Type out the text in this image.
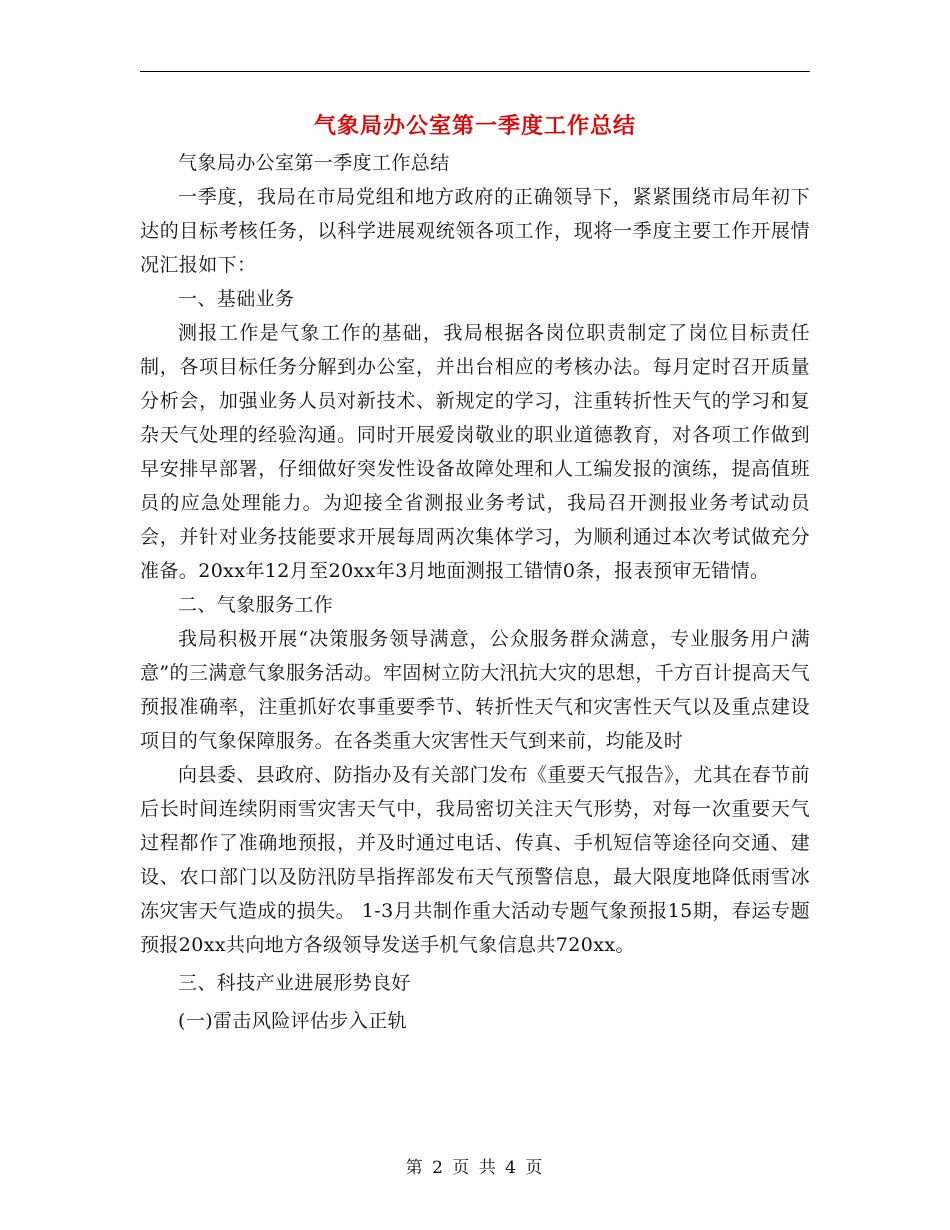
气象局办公室第一季度工作总结

气象局办公室第一季度工作总结

一季度，我局在市局党组和地方政府的正确领导下，紧紧围绕市局年初下达的目标考核任务，以科学进展观统领各项工作，现将一季度主要工作开展情况汇报如下：

一、基础业务

测报工作是气象工作的基础，我局根据各岗位职责制定了岗位目标责任制，各项目标任务分解到办公室，并出台相应的考核办法。每月定时召开质量分析会，加强业务人员对新技术、新规定的学习，注重转折性天气的学习和复杂天气处理的经验沟通。同时开展爱岗敬业的职业道德教育，对各项工作做到早安排早部署，仔细做好突发性设备故障处理和人工编发报的演练，提高值班员的应急处理能力。为迎接全省测报业务考试，我局召开测报业务考试动员会，并针对业务技能要求开展每周两次集体学习，为顺利通过本次考试做充分准备。20xx年12月至20xx年3月地面测报工错情0条，报表预审无错情。

二、气象服务工作

我局积极开展“决策服务领导满意，公众服务群众满意，专业服务用户满意”的三满意气象服务活动。牢固树立防大汛抗大灾的思想，千方百计提高天气预报准确率，注重抓好农事重要季节、转折性天气和灾害性天气以及重点建设项目的气象保障服务。在各类重大灾害性天气到来前，均能及时

向县委、县政府、防指办及有关部门发布《重要天气报告》，尤其在春节前后长时间连续阴雨雪灾害天气中，我局密切关注天气形势，对每一次重要天气过程都作了准确地预报，并及时通过电话、传真、手机短信等途径向交通、建设、农口部门以及防汛防旱指挥部发布天气预警信息，最大限度地降低雨雪冰冻灾害天气造成的损失。 1-3月共制作重大活动专题气象预报15期，春运专题预报20xx共向地方各级领导发送手机气象信息共720xx。

三、科技产业进展形势良好

(一)雷击风险评估步入正轨

第 2 页 共 4 页
